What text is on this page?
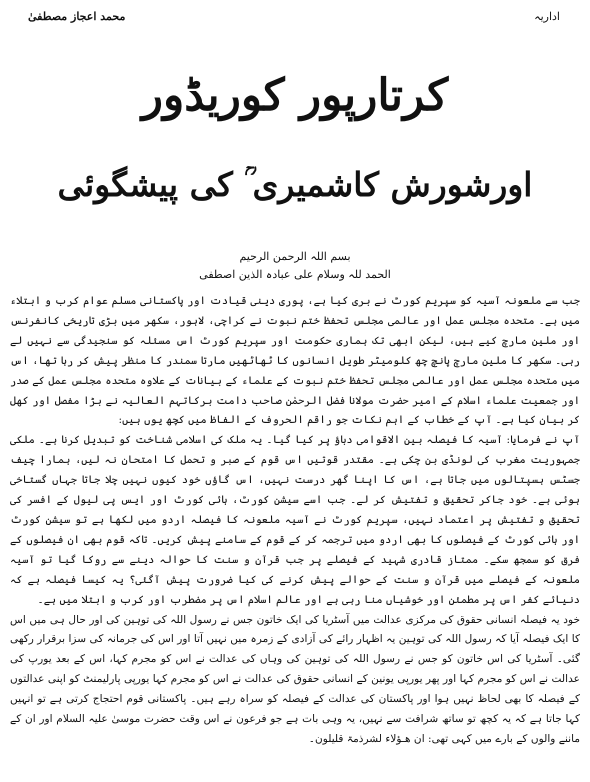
محمد اعجاز مصطفیٰ	اداریہ
کرتارپور کوریڈور
اورشورش کاشمیری ؒ کی پیشگوئی
بسم اللہ الرحمن الرحیم
الحمد للہ وسلام علی عبادہ الذین اصطفی

جب سے ملعونہ آسیہ کو سپریم کورٹ نے بری کیا ہے، پوری دینی قیادت اور پاکستانی مسلم عوام کرب و ابتلاء میں ہے۔ متحدہ مجلس عمل اور عالمی مجلس تحفظ ختم نبوت نے کراچی، لاہور، سکھر میں بڑی تاریخی کانفرنس اور ملین مارچ کیے ہیں، لیکن ابھی تک ہماری حکومت اور سپریم کورٹ اس مسئلہ کو سنجیدگی سے نہیں لے رہی۔ سکھر کا ملین مارچ پانچ چھ کلومیٹر طویل انسانوں کا ٹھاٹھیں مارتا سمندر کا منظر پیش کر رہا تھا، اس میں متحدہ مجلس عمل اور عالمی مجلس تحفظ ختم نبوت کے علماء کے بیانات کے علاوہ متحدہ مجلس عمل کے صدر اور جمعیت علماء اسلام کے امیر حضرت مولانا فضل الرحمٰن صاحب دامت برکاتہم العالیہ نے بڑا مفصل اور کھل کر بیان کیا ہے۔ آپ کے خطاب کے اہم نکات جو راقم الحروف کے الفاظ میں کچھ یوں ہیں:

آپ نے فرمایا: آسیہ کا فیصلہ بین الاقوامی دباؤ پر کیا گیا۔ یہ ملک کی اسلامی شناخت کو تبدیل کرنا ہے۔ ملکی جمہوریت مغرب کی لونڈی بن چکی ہے۔ مقتدر قوتیں اس قوم کے صبر و تحمل کا امتحان نہ لیں، ہمارا چیف جسٹس ہسپتالوں میں جاتا ہے، اس کا اپنا گھر درست نہیں، اس گاؤں خود کیوں نہیں چلا جاتا جہاں گستاخی ہوئی ہے۔ خود جاکر تحقیق و تفتیش کر لے۔ جب اسے سیشن کورٹ، ہائی کورٹ اور ایس پی لیول کے افسر کی تحقیق و تفتیش پر اعتماد نہیں، سپریم کورٹ نے آسیہ ملعونہ کا فیصلہ اردو میں لکھا ہے تو سیشن کورٹ اور ہائی کورٹ کے فیصلوں کا بھی اردو میں ترجمہ کر کے قوم کے سامنے پیش کریں۔ تاکہ قوم بھی ان فیصلوں کے فرق کو سمجھ سکے۔ ممتاز قادری شہید کے فیصلے پر جب قرآن و سنت کا حوالہ دینے سے روکا گیا تو آسیہ ملعونہ کے فیصلے میں قرآن و سنت کے حوالے پیش کرنے کی کیا ضرورت پیش آگئی؟ یہ کیسا فیصلہ ہے کہ دنیائے کفر اس پر مطمئن اور خوشیاں منا رہی ہے اور عالم اسلام اس پر مضطرب اور کرب و ابتلا میں ہے۔

خود یہ فیصلہ انسانی حقوق کی مرکزی عدالت میں آسٹریا کی ایک خاتون جس نے رسول اللہ کی توہین کی اور حال ہی میں اس کا ایک فیصلہ آیا کہ رسول اللہ کی توہین یہ اظہار رائے کی آزادی کے زمرہ میں نہیں آتا اور اس کی جرمانہ کی سزا برقرار رکھی گئی۔ آسٹریا کی اس خاتون کو جس نے رسول اللہ کی توہین کی وہاں کی عدالت نے اس کو مجرم کہا، اس کے بعد یورپ کی عدالت نے اس کو مجرم کہا اور پھر یورپی یونین کے انسانی حقوق کی عدالت نے اس کو مجرم کہا یورپی پارلیمنٹ کو اپنی عدالتوں کے فیصلہ کا بھی لحاظ نہیں ہوا اور پاکستان کی عدالت کے فیصلہ کو سراہ رہے ہیں۔ پاکستانی قوم احتجاج کرتی ہے تو انہیں کہا جاتا ہے کہ یہ کچھ تو ساتھ شرافت سے نہیں، یہ وہی بات ہے جو فرعون نے اس وقت حضرت موسیٰ علیہ السلام اور ان کے ماننے والوں کے بارے میں کہی تھی: ان ھـؤلاء لشرذمۃ قلیلون۔
